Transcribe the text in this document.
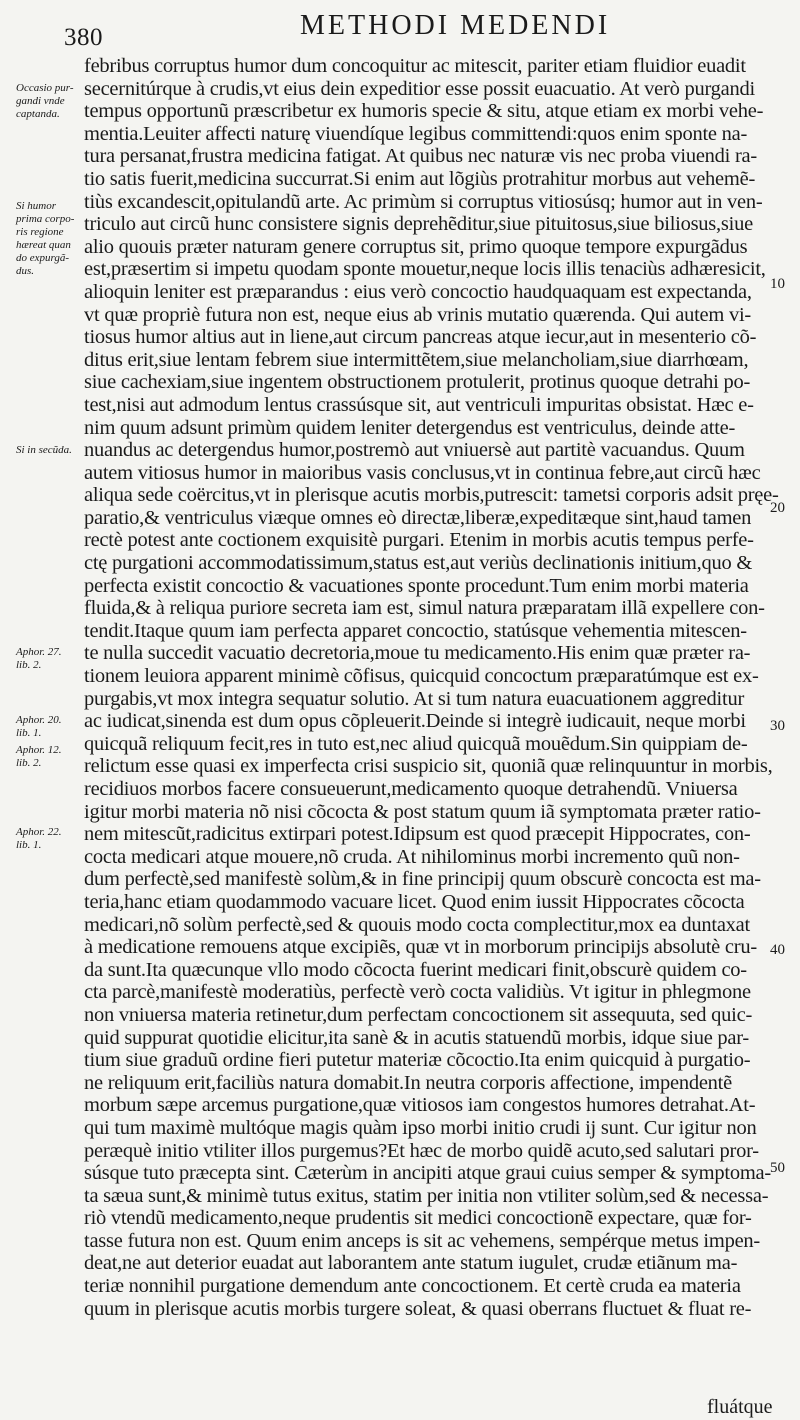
380	METHODI MEDENDI
febribus corruptus humor dum concoquitur ac mitescit, pariter etiam fluidior euadit
secernitúrque à crudis,vt eius dein expeditior esse possit euacuatio. At verò purgandi
tempus opportunũ præscribetur ex humoris specie & situ, atque etiam ex morbi vehe-
mentia.Leuiter affecti naturę viuendíque legibus committendi:quos enim sponte na-
tura persanat,frustra medicina fatigat. At quibus nec naturæ vis nec proba viuendi ra-
tio satis fuerit,medicina succurrat.Si enim aut lõgiùs protrahitur morbus aut vehemẽ-
tiùs excandescit,opitulandũ arte. Ac primùm si corruptus vitiosúsq; humor aut in ven-
triculo aut circũ hunc consistere signis deprehẽditur,siue pituitosus,siue biliosus,siue
alio quouis præter naturam genere corruptus sit, primo quoque tempore expurgãdus
est,præsertim si impetu quodam sponte mouetur,neque locis illis tenaciùs adhæresicit,
alioquin leniter est præparandus : eius verò concoctio haudquaquam est expectanda,
vt quæ propriè futura non est, neque eius ab vrinis mutatio quærenda. Qui autem vi-
tiosus humor altius aut in liene,aut circum pancreas atque iecur,aut in mesenterio cõ-
ditus erit,siue lentam febrem siue intermittẽtem,siue melancholiam,siue diarrhœam,
siue cachexiam,siue ingentem obstructionem protulerit, protinus quoque detrahi po-
test,nisi aut admodum lentus crassúsque sit, aut ventriculi impuritas obsistat. Hæc e-
nim quum adsunt primùm quidem leniter detergendus est ventriculus, deinde atte-
nuandus ac detergendus humor,postremò aut vniuersè aut partitè vacuandus. Quum
autem vitiosus humor in maioribus vasis conclusus,vt in continua febre,aut circũ hæc
aliqua sede coërcitus,vt in plerisque acutis morbis,putrescit: tametsi corporis adsit pręe-
paratio,& ventriculus viæque omnes eò directæ,liberæ,expeditæque sint,haud tamen
rectè potest ante coctionem exquisitè purgari. Etenim in morbis acutis tempus perfe-
ctę purgationi accommodatissimum,status est,aut veriùs declinationis initium,quo &
perfecta existit concoctio & vacuationes sponte procedunt.Tum enim morbi materia
fluida,& à reliqua puriore secreta iam est, simul natura præparatam illã expellere con-
tendit.Itaque quum iam perfecta apparet concoctio, statúsque vehementia mitescen-
te nulla succedit vacuatio decretoria,moue tu medicamento.His enim quæ præter ra-
tionem leuiora apparent minimè cõfisus, quicquid concoctum præparatúmque est ex-
purgabis,vt mox integra sequatur solutio. At si tum natura euacuationem aggreditur
ac iudicat,sinenda est dum opus cõpleuerit.Deinde si integrè iudicauit, neque morbi
quicquã reliquum fecit,res in tuto est,nec aliud quicquã mouẽdum.Sin quippiam de-
relictum esse quasi ex imperfecta crisi suspicio sit, quoniã quæ relinquuntur in morbis,
recidiuos morbos facere consueuerunt,medicamento quoque detrahendũ. Vniuersa
igitur morbi materia nõ nisi cõcocta & post statum quum iã symptomata præter ratio-
nem mitescũt,radicitus extirpari potest.Idipsum est quod præcepit Hippocrates, con-
cocta medicari atque mouere,nõ cruda. At nihilominus morbi incremento quũ non-
dum perfectè,sed manifestè solùm,& in fine principij quum obscurè concocta est ma-
teria,hanc etiam quodammodo vacuare licet. Quod enim iussit Hippocrates cõcocta
medicari,nõ solùm perfectè,sed & quouis modo cocta complectitur,mox ea duntaxat
à medicatione remouens atque excipiẽs, quæ vt in morborum principijs absolutè cru-
da sunt.Ita quæcunque vllo modo cõcocta fuerint medicari finit,obscurè quidem co-
cta parcè,manifestè moderatiùs, perfectè verò cocta validiùs. Vt igitur in phlegmone
non vniuersa materia retinetur,dum perfectam concoctionem sit assequuta, sed quic-
quid suppurat quotidie elicitur,ita sanè & in acutis statuendũ morbis, idque siue par-
tium siue graduũ ordine fieri putetur materiæ cõcoctio.Ita enim quicquid à purgatio-
ne reliquum erit,faciliùs natura domabit.In neutra corporis affectione, impendentẽ
morbum sæpe arcemus purgatione,quæ vitiosos iam congestos humores detrahat.At-
qui tum maximè multóque magis quàm ipso morbi initio crudi ij sunt. Cur igitur non
peræquè initio vtiliter illos purgemus?Et hæc de morbo quidẽ acuto,sed salutari pror-
súsque tuto præcepta sint. Cæterùm in ancipiti atque graui cuius semper & symptoma-
ta sæua sunt,& minimè tutus exitus, statim per initia non vtiliter solùm,sed & necessa-
riò vtendũ medicamento,neque prudentis sit medici concoctionẽ expectare, quæ for-
tasse futura non est. Quum enim anceps is sit ac vehemens, sempérque metus impen-
deat,ne aut deterior euadat aut laborantem ante statum iugulet, crudæ etiãnum ma-
teriæ nonnihil purgatione demendum ante concoctionem. Et certè cruda ea materia
quum in plerisque acutis morbis turgere soleat, & quasi oberrans fluctuet & fluat re-
Occasio pur-
gandi vnde
captanda.
Si humor
prima corpo-
ris regione
hæreat quan
do expurgã-
dus.
Si in secũda.
Aphor. 27.
lib. 2.
Aphor. 20.
lib. 1.
Aphor. 12.
lib. 2.
Aphor. 22.
lib. 1.
10
20
30
40
50
fluátque
